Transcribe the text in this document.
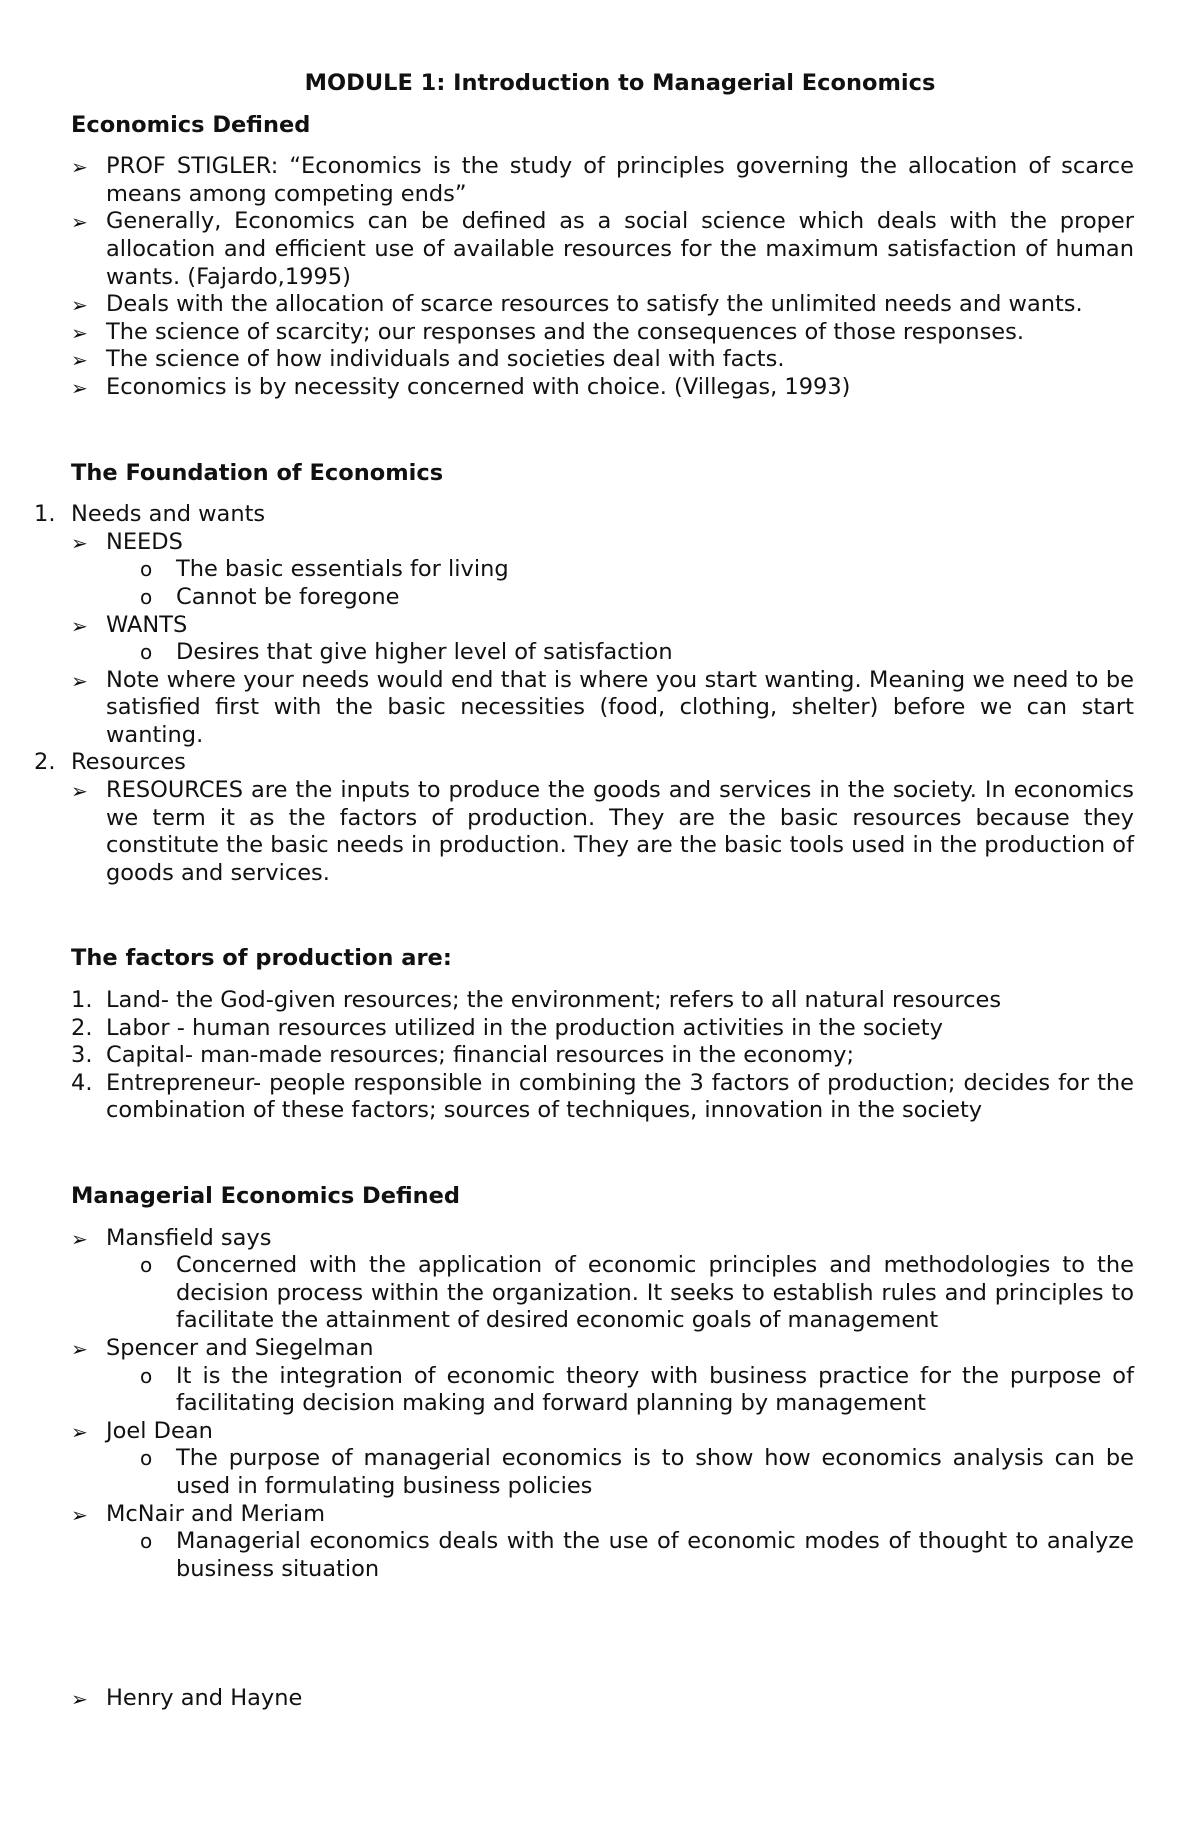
MODULE 1: Introduction to Managerial Economics
Economics Defined
➢ PROF STIGLER: “Economics is the study of principles governing the allocation of scarce means among competing ends”
➢ Generally, Economics can be defined as a social science which deals with the proper allocation and efficient use of available resources for the maximum satisfaction of human wants. (Fajardo,1995)
➢ Deals with the allocation of scarce resources to satisfy the unlimited needs and wants.
➢ The science of scarcity; our responses and the consequences of those responses.
➢ The science of how individuals and societies deal with facts.
➢ Economics is by necessity concerned with choice. (Villegas, 1993)
The Foundation of Economics
1. Needs and wants
➢ NEEDS
o The basic essentials for living
o Cannot be foregone
➢ WANTS
o Desires that give higher level of satisfaction
➢ Note where your needs would end that is where you start wanting. Meaning we need to be satisfied first with the basic necessities (food, clothing, shelter) before we can start wanting.
2. Resources
➢ RESOURCES are the inputs to produce the goods and services in the society. In economics we term it as the factors of production. They are the basic resources because they constitute the basic needs in production. They are the basic tools used in the production of goods and services.
The factors of production are:
1. Land- the God-given resources; the environment; refers to all natural resources
2. Labor - human resources utilized in the production activities in the society
3. Capital- man-made resources; financial resources in the economy;
4. Entrepreneur- people responsible in combining the 3 factors of production; decides for the combination of these factors; sources of techniques, innovation in the society
Managerial Economics Defined
➢ Mansfield says
o Concerned with the application of economic principles and methodologies to the decision process within the organization. It seeks to establish rules and principles to facilitate the attainment of desired economic goals of management
➢ Spencer and Siegelman
o It is the integration of economic theory with business practice for the purpose of facilitating decision making and forward planning by management
➢ Joel Dean
o The purpose of managerial economics is to show how economics analysis can be used in formulating business policies
➢ McNair and Meriam
o Managerial economics deals with the use of economic modes of thought to analyze business situation
➢ Henry and Hayne
